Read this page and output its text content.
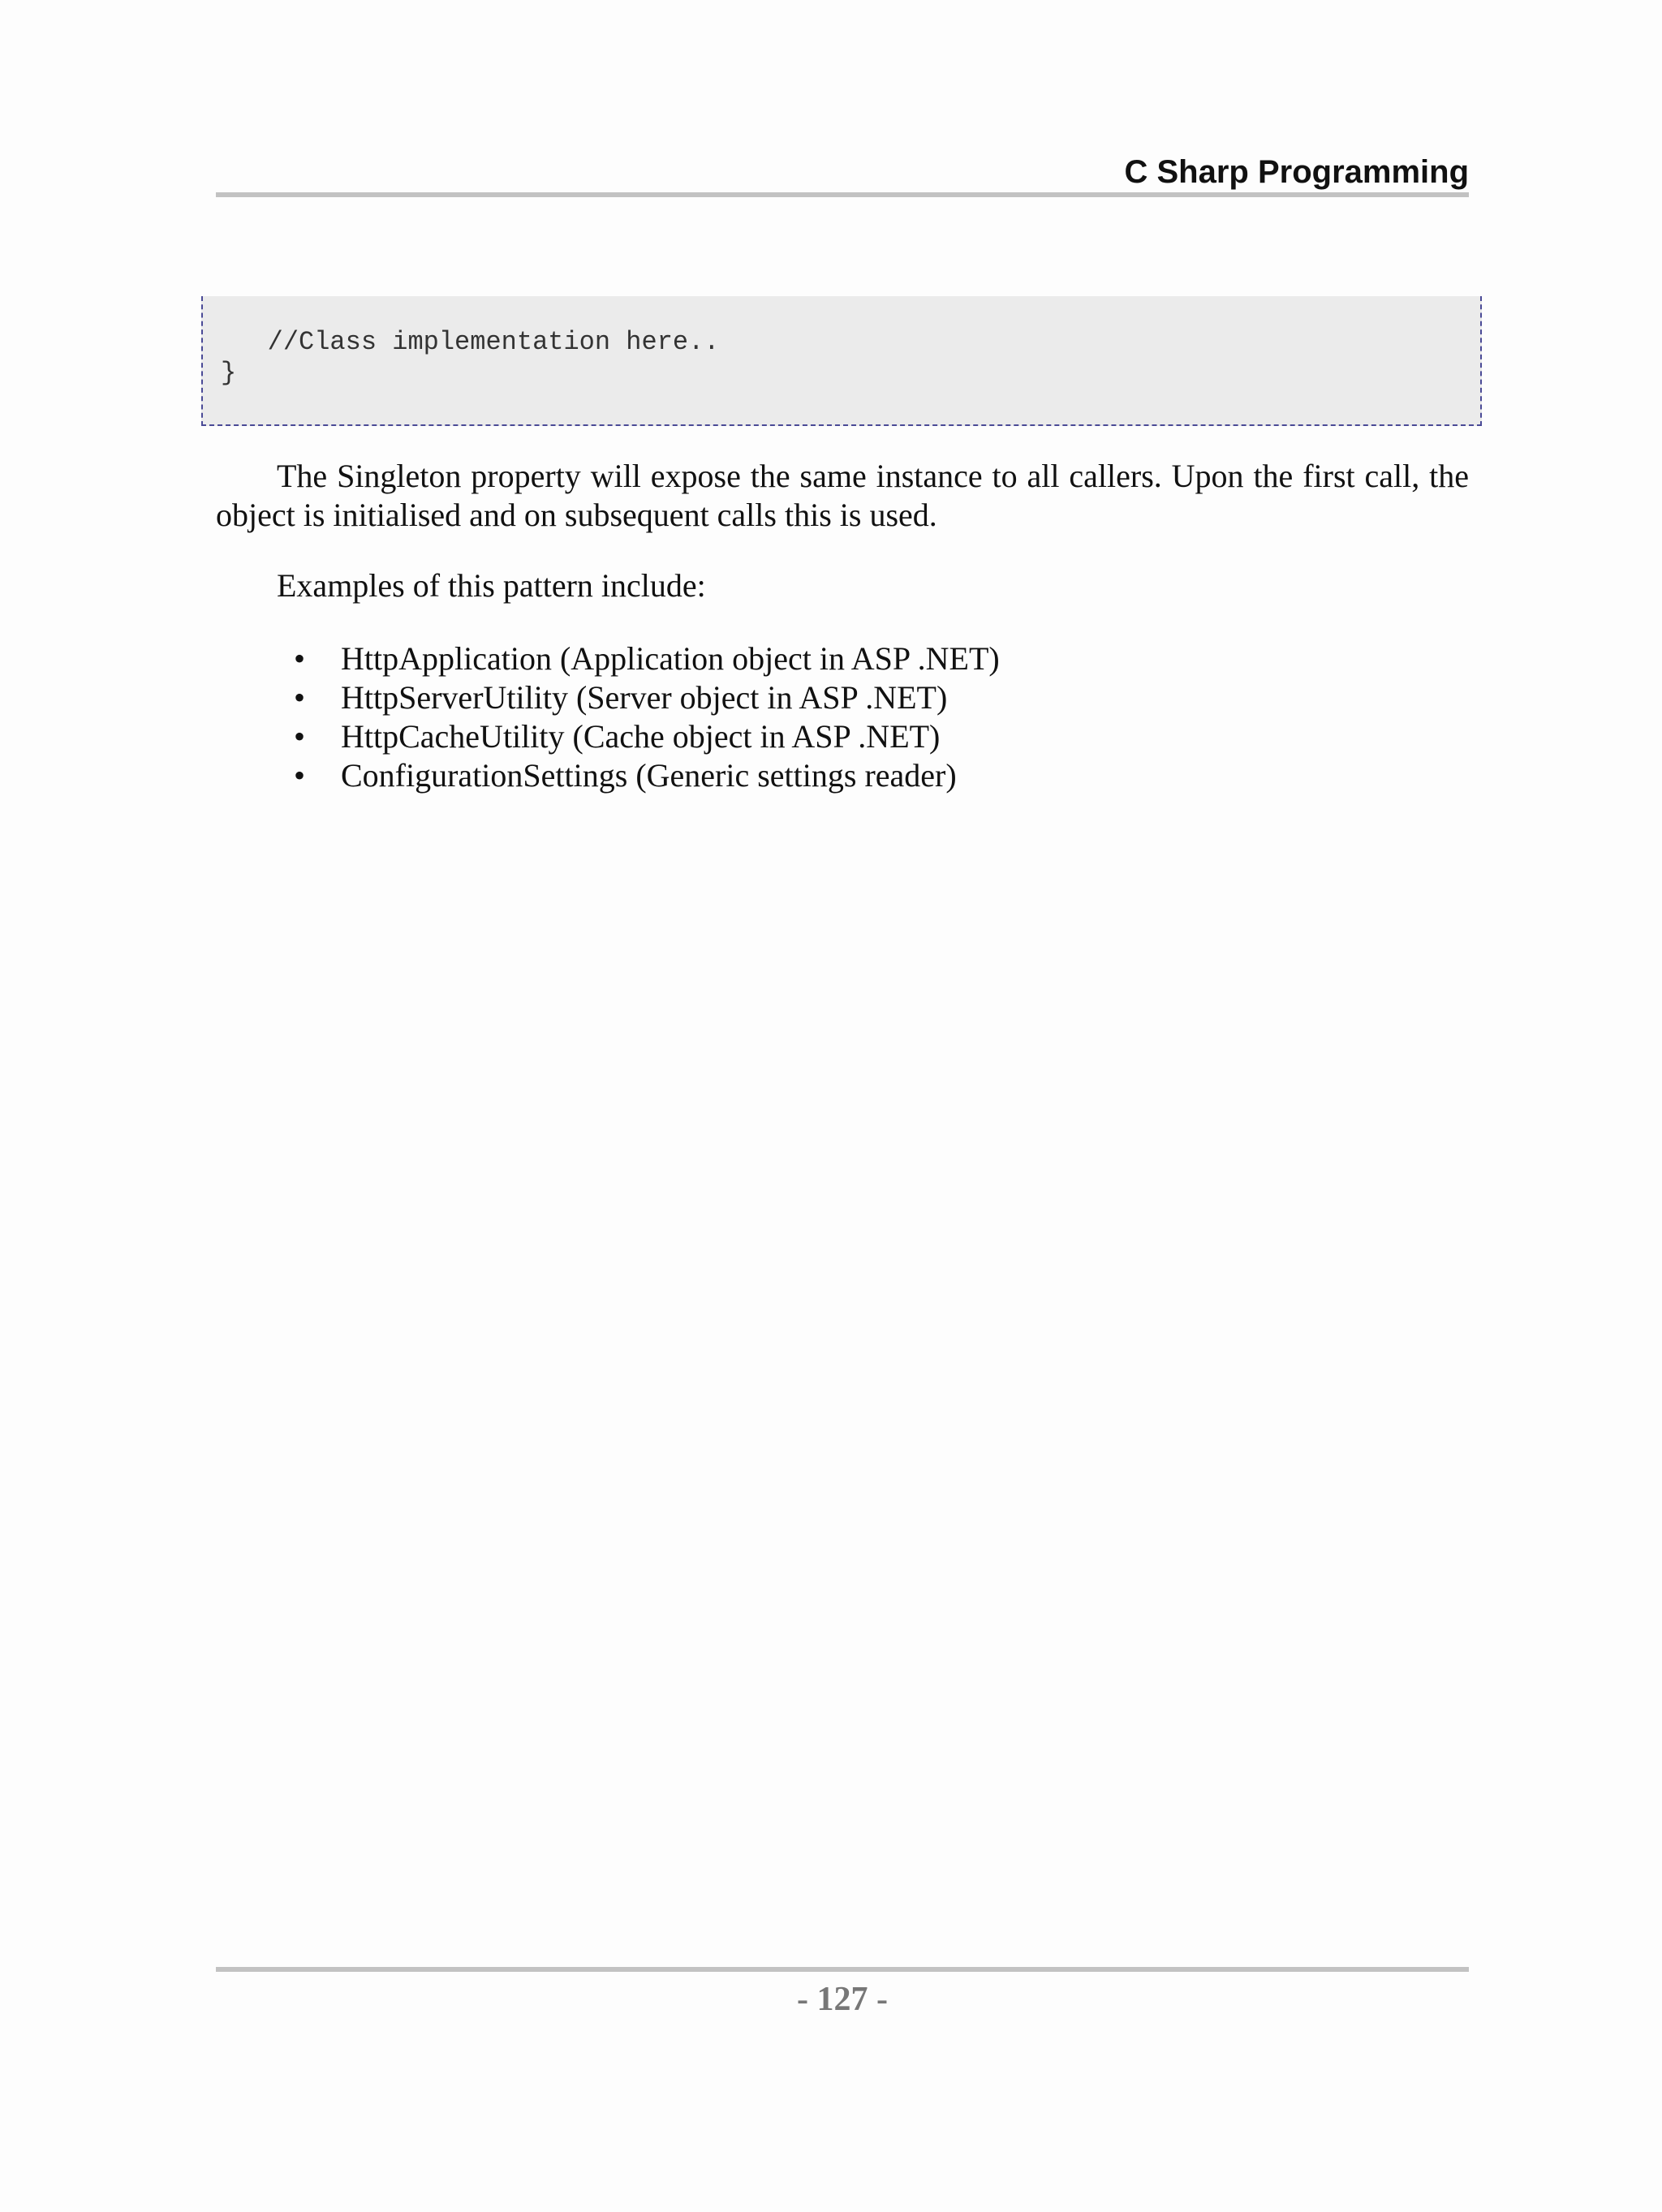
C Sharp Programming
//Class implementation here..
}

The Singleton property will expose the same instance to all callers. Upon the first call, the object is initialised and on subsequent calls this is used.

Examples of this pattern include:

• HttpApplication (Application object in ASP .NET)
• HttpServerUtility (Server object in ASP .NET)
• HttpCacheUtility (Cache object in ASP .NET)
• ConfigurationSettings (Generic settings reader)

- 127 -
